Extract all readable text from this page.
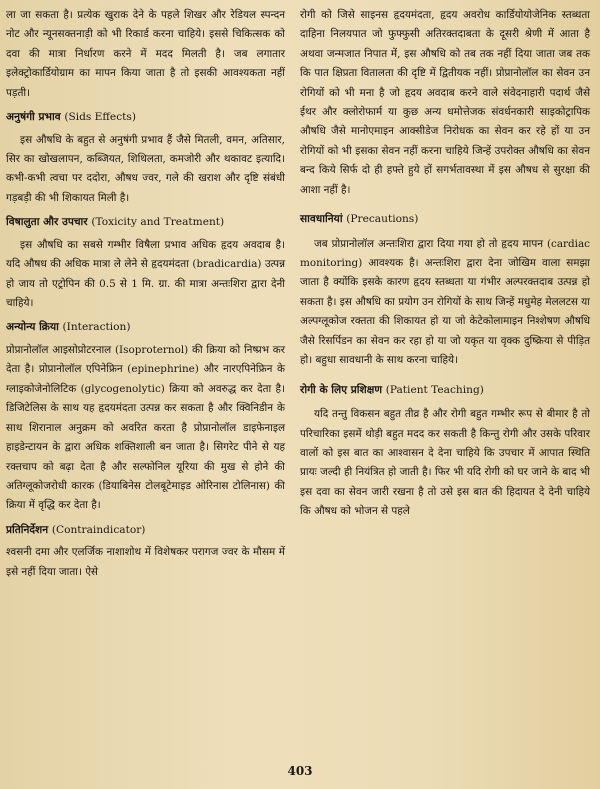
ला जा सकता है। प्रत्येक खुराक देने के पहले शिखर और रेडियल स्पन्दन नोट और न्यूनसक्तनाड़ी को भी रिकार्ड करना चाहिये। इससे चिकित्सक को दवा की मात्रा निर्धारण करने में मदद मिलती है। जब लगातार इलेक्ट्रोकार्डियोग्राम का मापन किया जाता है तो इसकी आवश्यकता नहीं पड़ती।

अनुषंगी प्रभाव (Sids Effects)

इस औषधि के बहुत से अनुषंगी प्रभाव हैं जैसे मितली, वमन, अतिसार, सिर का खोखलापन, कब्जियत, शिथिलता, कमजोरी और थकावट इत्यादि। कभी-कभी त्वचा पर ददोरा, औषध ज्वर, गले की खराश और दृष्टि संबंधी गड़बड़ी की भी शिकायत मिली है।

विषालुता और उपचार (Toxicity and Treatment)

इस औषधि का सबसे गम्भीर विषैला प्रभाव अधिक हृदय अवदाब है। यदि औषध की अधिक मात्रा ले लेने से हृदयमंदता (bradicardia) उत्पन्न हो जाय तो एट्रोपिन की 0.5 से 1 मि. ग्रा. की मात्रा अन्तःशिरा द्वारा देनी चाहिये।

अन्योन्य क्रिया (Interaction)

प्रोप्रानोलॉल आइसोप्रोटरनाल (Isoproternol) की क्रिया को निष्प्रभ कर देता है। प्रोप्रानोलॉल एपिनेफ्रिन (epinephrine) और नारएपिनेफ्रिन के ग्लाइकोजेनोलिटिक (glycogenolytic) क्रिया को अवरुद्ध कर देता है। डिजिटेलिस के साथ यह हृदयमंदता उत्पन्न कर सकता है और क्विनिडीन के साथ शिरानाल अनुक्रम को अवरित करता है प्रोप्रानोलॉल डाइफेनाइल हाइडेन्टायन के द्वारा अधिक शक्तिशाली बन जाता है। सिगरेट पीने से यह रक्तचाप को बढ़ा देता है और सल्फोनिल यूरिया की मुख से होने की अतिग्लूकोजरोधी कारक (डियाबिनेस टोलबूटेमाइड ओरिनास टोलिनास) की क्रिया में वृद्धि कर देता है।

प्रतिनिर्देशन (Contraindicator)

श्वसनी दमा और एलर्जिक नाशाशोथ में विशेषकर परागज ज्वर के मौसम में इसे नहीं दिया जाता। ऐसे

रोगी को जिसे साइनस हृदयमंदता, हृदय अवरोध कार्डियोयोजेनिक स्तब्धता दाहिना निलयपात जो फुफ्फुसी अतिरक्तदाबता के दूसरी श्रेणी में आता है अथवा जन्मजात निपात में, इस औषधि को तब तक नहीं दिया जाता जब तक कि पात क्षिप्रता वितालता की दृष्टि में द्वितीयक नहीं। प्रोप्रानोलॉल का सेवन उन रोगियों को भी मना है जो हृदय अवदाब करने वाले संवेदनाहारी पदार्थ जैसे ईथर और क्लोरोफार्म या कुछ अन्य धमोत्तेजक संवर्धनकारी साइकोट्रापिक औषधि जैसे मानोएमाइन आक्सीडेज निरोधक का सेवन कर रहे हों या उन रोगियों को भी इसका सेवन नहीं करना चाहिये जिन्हें उपरोक्त औषधि का सेवन बन्द किये सिर्फ दो ही हफ्ते हुये हों सगर्भतावस्था में इस औषध से सुरक्षा की आशा नहीं है।

सावधानियां (Precautions)

जब प्रोप्रानोलॉल अन्तःशिरा द्वारा दिया गया हो तो हृदय मापन (cardiac monitoring) आवश्यक है। अन्तःशिरा द्वारा देना जोखिम वाला समझा जाता है क्योंकि इसके कारण हृदय स्तब्धता या गंभीर अल्परक्तदाब उत्पन्न हो सकता है। इस औषधि का प्रयोग उन रोगियों के साथ जिन्हें मधुमेह मेललटस या अल्पग्लूकोज रक्तता की शिकायत हो या जो केटेकोलामाइन निश्शेषण औषधि जैसे रिसर्पिडन का सेवन कर रहा हो या जो यकृत या वृक्क दुष्क्रिया से पीड़ित हो। बहुधा सावधानी के साथ करना चाहिये।

रोगी के लिए प्रशिक्षण (Patient Teaching)

यदि तन्तु विकसन बहुत तीव्र है और रोगी बहुत गम्भीर रूप से बीमार है तो परिचारिका इसमें थोड़ी बहुत मदद कर सकती है किन्तु रोगी और उसके परिवार वालों को इस बात का आश्वासन दे देना चाहिये कि उपचार में आपात स्थिति प्रायः जल्दी ही नियंत्रित हो जाती है। फिर भी यदि रोगी को घर जाने के बाद भी इस दवा का सेवन जारी रखना है तो उसे इस बात की हिदायत दे देनी चाहिये कि औषध को भोजन से पहले

403
